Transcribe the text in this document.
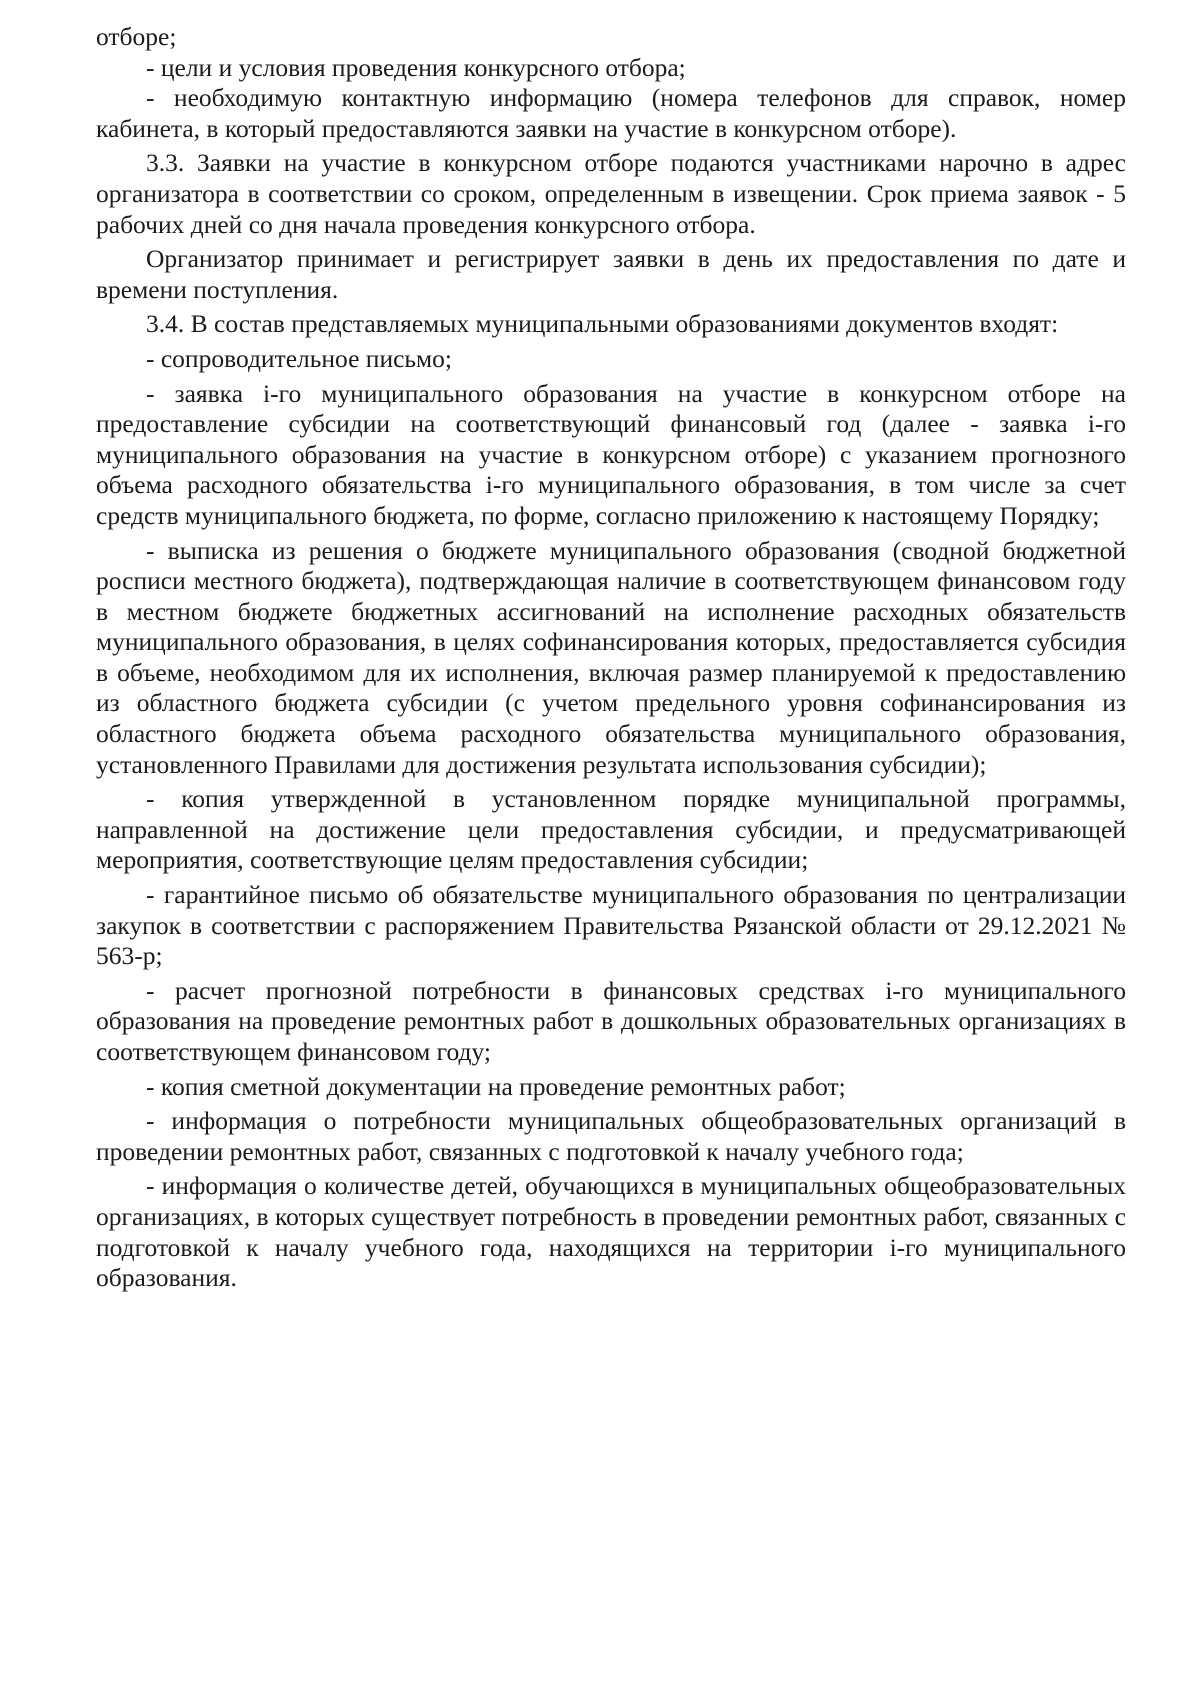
отборе;

- цели и условия проведения конкурсного отбора;

- необходимую контактную информацию (номера телефонов для справок, номер кабинета, в который предоставляются заявки на участие в конкурсном отборе).

3.3. Заявки на участие в конкурсном отборе подаются участниками нарочно в адрес организатора в соответствии со сроком, определенным в извещении. Срок приема заявок - 5 рабочих дней со дня начала проведения конкурсного отбора.

Организатор принимает и регистрирует заявки в день их предоставления по дате и времени поступления.

3.4. В состав представляемых муниципальными образованиями документов входят:

- сопроводительное письмо;

- заявка i-го муниципального образования на участие в конкурсном отборе на предоставление субсидии на соответствующий финансовый год (далее - заявка i-го муниципального образования на участие в конкурсном отборе) с указанием прогнозного объема расходного обязательства i-го муниципального образования, в том числе за счет средств муниципального бюджета, по форме, согласно приложению к настоящему Порядку;

- выписка из решения о бюджете муниципального образования (сводной бюджетной росписи местного бюджета), подтверждающая наличие в соответствующем финансовом году в местном бюджете бюджетных ассигнований на исполнение расходных обязательств муниципального образования, в целях софинансирования которых, предоставляется субсидия в объеме, необходимом для их исполнения, включая размер планируемой к предоставлению из областного бюджета субсидии (с учетом предельного уровня софинансирования из областного бюджета объема расходного обязательства муниципального образования, установленного Правилами для достижения результата использования субсидии);

- копия утвержденной в установленном порядке муниципальной программы, направленной на достижение цели предоставления субсидии, и предусматривающей мероприятия, соответствующие целям предоставления субсидии;

- гарантийное письмо об обязательстве муниципального образования по централизации закупок в соответствии с распоряжением Правительства Рязанской области от 29.12.2021 № 563-р;

- расчет прогнозной потребности в финансовых средствах i-го муниципального образования на проведение ремонтных работ в дошкольных образовательных организациях в соответствующем финансовом году;

- копия сметной документации на проведение ремонтных работ;

- информация о потребности муниципальных общеобразовательных организаций в проведении ремонтных работ, связанных с подготовкой к началу учебного года;

- информация о количестве детей, обучающихся в муниципальных общеобразовательных организациях, в которых существует потребность в проведении ремонтных работ, связанных с подготовкой к началу учебного года, находящихся на территории i-го муниципального образования.
